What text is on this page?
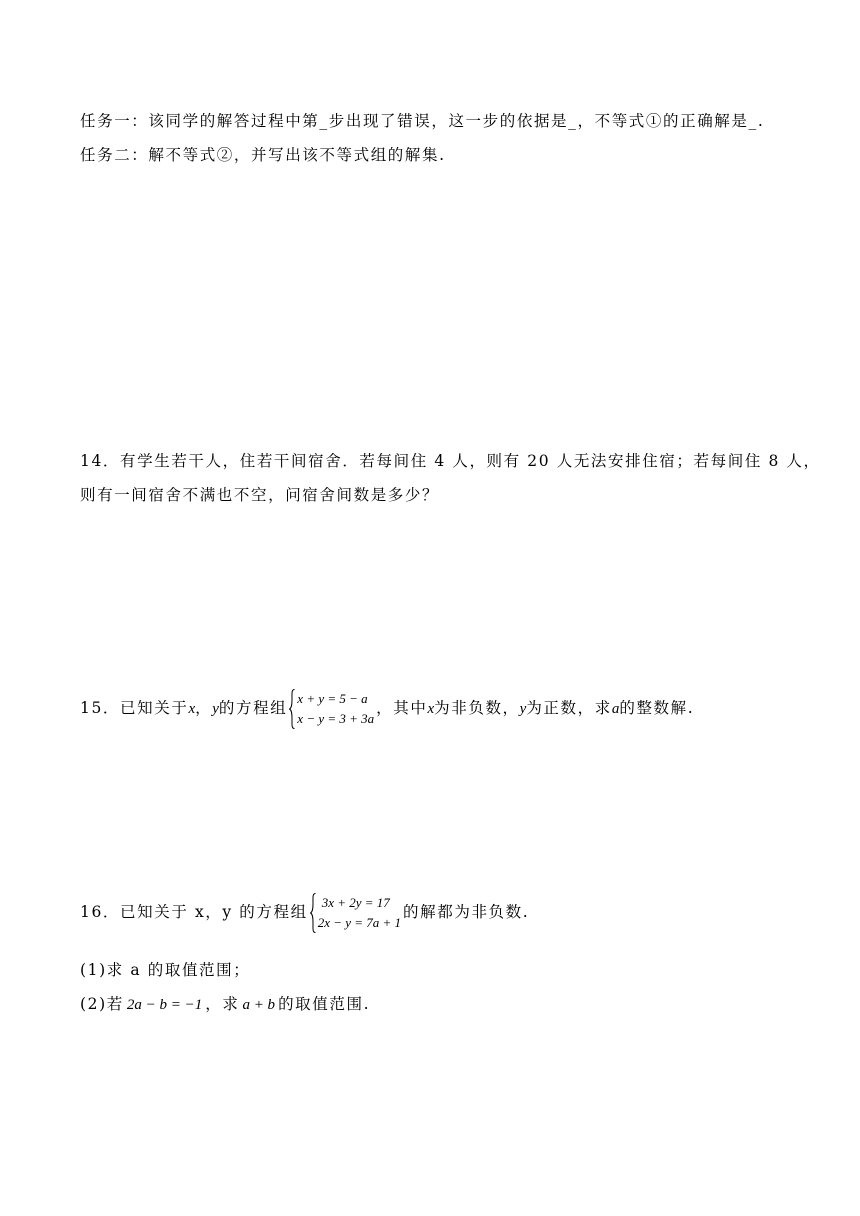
任务一：该同学的解答过程中第_步出现了错误，这一步的依据是_，不等式①的正确解是_.
任务二：解不等式②，并写出该不等式组的解集.
14．有学生若干人，住若干间宿舍．若每间住 4 人，则有 20 人无法安排住宿；若每间住 8 人，
则有一间宿舍不满也不空，问宿舍间数是多少？
15．已知关于x，y的方程组
x + y = 5 − a
x − y = 3 + 3a
，其中x为非负数，y为正数，求a的整数解.
16．已知关于 x，y 的方程组
3x + 2y = 17
2x − y = 7a + 1
的解都为非负数.
(1)求 a 的取值范围；
(2)若 2a − b = −1 ，求 a + b 的取值范围.
